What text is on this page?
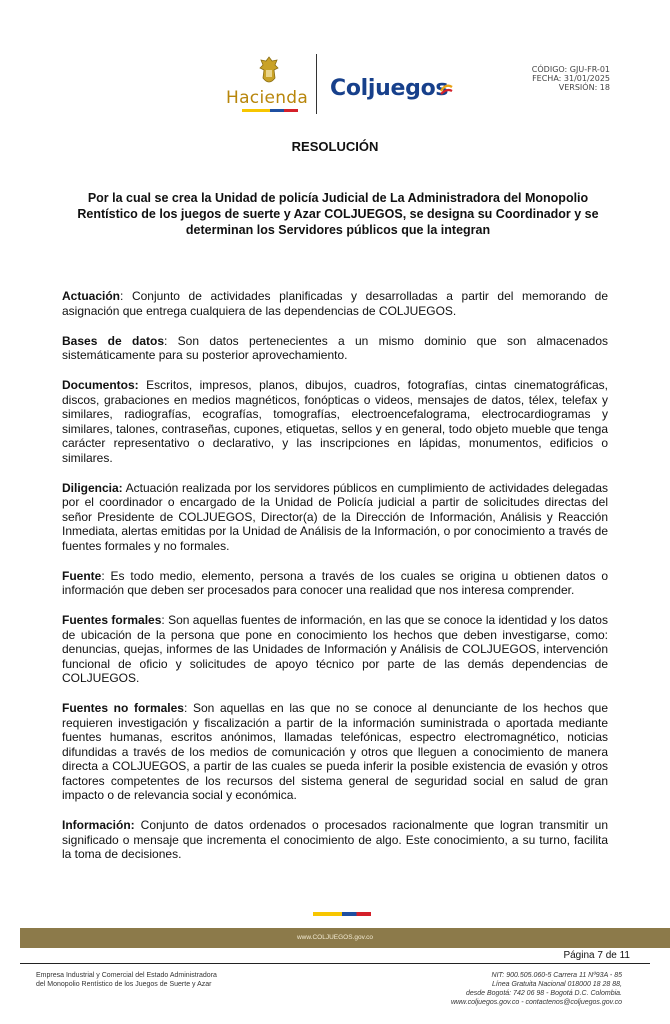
Hacienda Coljuegos
CÓDIGO: GJU-FR-01
FECHA: 31/01/2025
VERSIÓN: 18
RESOLUCIÓN
Por la cual se crea la Unidad de policía Judicial de La Administradora del Monopolio Rentístico de los juegos de suerte y Azar COLJUEGOS, se designa su Coordinador y se determinan los Servidores públicos que la integran

Actuación: Conjunto de actividades planificadas y desarrolladas a partir del memorando de asignación que entrega cualquiera de las dependencias de COLJUEGOS.

Bases de datos: Son datos pertenecientes a un mismo dominio que son almacenados sistemáticamente para su posterior aprovechamiento.

Documentos: Escritos, impresos, planos, dibujos, cuadros, fotografías, cintas cinematográficas, discos, grabaciones en medios magnéticos, fonópticas o videos, mensajes de datos, télex, telefax y similares, radiografías, ecografías, tomografías, electroencefalograma, electrocardiogramas y similares, talones, contraseñas, cupones, etiquetas, sellos y en general, todo objeto mueble que tenga carácter representativo o declarativo, y las inscripciones en lápidas, monumentos, edificios o similares.

Diligencia: Actuación realizada por los servidores públicos en cumplimiento de actividades delegadas por el coordinador o encargado de la Unidad de Policía judicial a partir de solicitudes directas del señor Presidente de COLJUEGOS, Director(a) de la Dirección de Información, Análisis y Reacción Inmediata, alertas emitidas por la Unidad de Análisis de la Información, o por conocimiento a través de fuentes formales y no formales.

Fuente: Es todo medio, elemento, persona a través de los cuales se origina u obtienen datos o información que deben ser procesados para conocer una realidad que nos interesa comprender.

Fuentes formales: Son aquellas fuentes de información, en las que se conoce la identidad y los datos de ubicación de la persona que pone en conocimiento los hechos que deben investigarse, como: denuncias, quejas, informes de las Unidades de Información y Análisis de COLJUEGOS, intervención funcional de oficio y solicitudes de apoyo técnico por parte de las demás dependencias de COLJUEGOS.

Fuentes no formales: Son aquellas en las que no se conoce al denunciante de los hechos que requieren investigación y fiscalización a partir de la información suministrada o aportada mediante fuentes humanas, escritos anónimos, llamadas telefónicas, espectro electromagnético, noticias difundidas a través de los medios de comunicación y otros que lleguen a conocimiento de manera directa a COLJUEGOS, a partir de las cuales se pueda inferir la posible existencia de evasión y otros factores competentes de los recursos del sistema general de seguridad social en salud de gran impacto o de relevancia social y económica.

Información: Conjunto de datos ordenados o procesados racionalmente que logran transmitir un significado o mensaje que incrementa el conocimiento de algo. Este conocimiento, a su turno, facilita la toma de decisiones.

www.COLJUEGOS.gov.co
Página 7 de 11
Empresa Industrial y Comercial del Estado Administradora
del Monopolio Rentístico de los Juegos de Suerte y Azar
NIT: 900.505.060-5 Carrera 11 Nº93A - 85
Línea Gratuita Nacional 018000 18 28 88,
desde Bogotá: 742 06 98 - Bogotá D.C. Colombia.
www.coljuegos.gov.co - contactenos@coljuegos.gov.co
